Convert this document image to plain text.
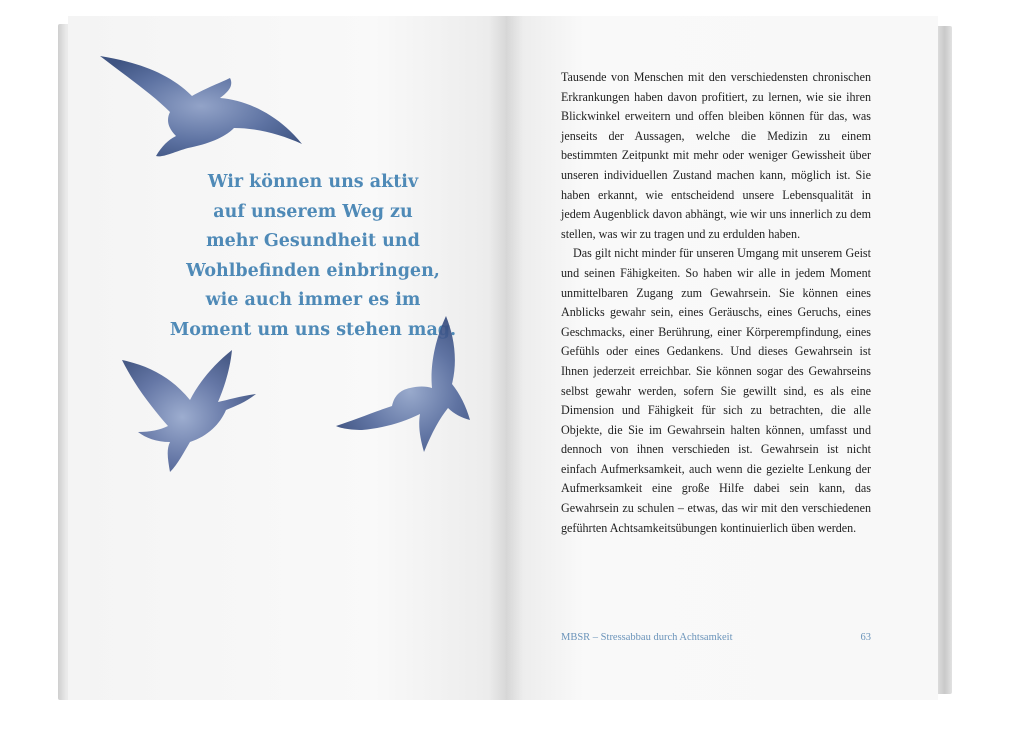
Wir können uns aktiv
auf unserem Weg zu
mehr Gesundheit und
Wohlbefinden einbringen,
wie auch immer es im
Moment um uns stehen mag.

Tausende von Menschen mit den verschiedensten chronischen Erkrankungen haben davon profitiert, zu lernen, wie sie ihren Blickwinkel erweitern und offen bleiben können für das, was jenseits der Aussagen, welche die Medizin zu einem bestimmten Zeitpunkt mit mehr oder weniger Gewissheit über unseren individuellen Zustand machen kann, möglich ist. Sie haben erkannt, wie entscheidend unsere Lebensqualität in jedem Augenblick davon abhängt, wie wir uns innerlich zu dem stellen, was wir zu tragen und zu erdulden haben.

Das gilt nicht minder für unseren Umgang mit unserem Geist und seinen Fähigkeiten. So haben wir alle in jedem Moment unmittelbaren Zugang zum Gewahrsein. Sie können eines Anblicks gewahr sein, eines Geräuschs, eines Geruchs, eines Geschmacks, einer Berührung, einer Körperempfindung, eines Gefühls oder eines Gedankens. Und dieses Gewahrsein ist Ihnen jederzeit erreichbar. Sie können sogar des Gewahrseins selbst gewahr werden, sofern Sie gewillt sind, es als eine Dimension und Fähigkeit für sich zu betrachten, die alle Objekte, die Sie im Gewahrsein halten können, umfasst und dennoch von ihnen verschieden ist. Gewahrsein ist nicht einfach Aufmerksamkeit, auch wenn die gezielte Lenkung der Aufmerksamkeit eine große Hilfe dabei sein kann, das Gewahrsein zu schulen – etwas, das wir mit den verschiedenen geführten Achtsamkeitsübungen kontinuierlich üben werden.

MBSR – Stressabbau durch Achtsamkeit	63
